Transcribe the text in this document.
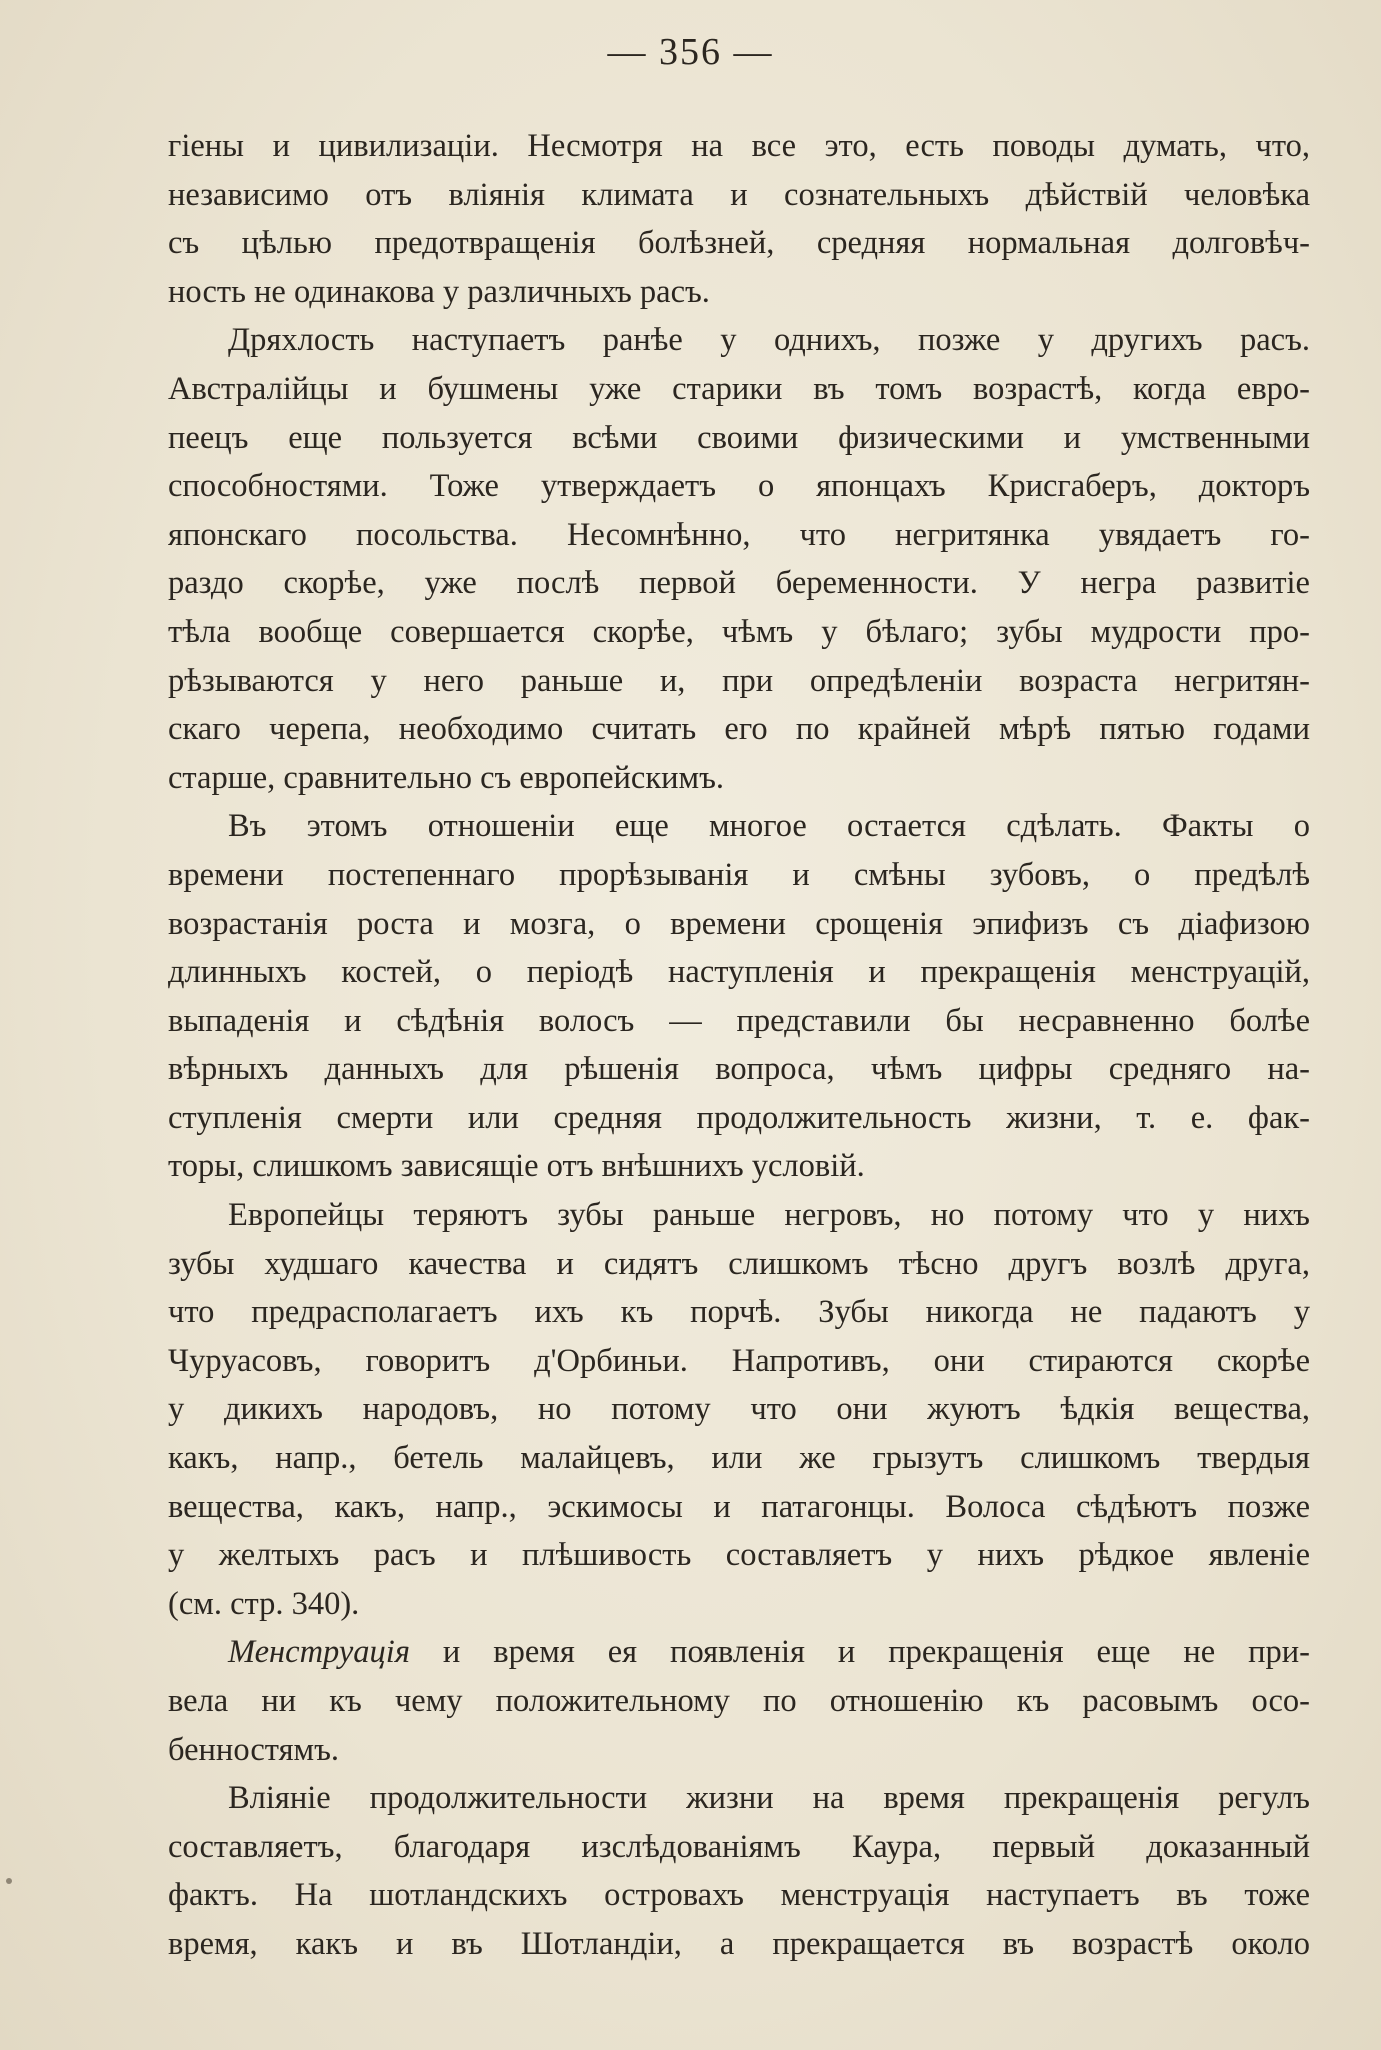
— 356 —
гіены и цивилизаціи. Несмотря на все это, есть поводы думать, что,
независимо отъ вліянія климата и сознательныхъ дѣйствій человѣка
съ цѣлью предотвращенія болѣзней, средняя нормальная долговѣч-
ность не одинакова у различныхъ расъ.
Дряхлость наступаетъ ранѣе у однихъ, позже у другихъ расъ.
Австралійцы и бушмены уже старики въ томъ возрастѣ, когда евро-
пеецъ еще пользуется всѣми своими физическими и умственными
способностями. Тоже утверждаетъ о японцахъ Крисгаберъ, докторъ
японскаго посольства. Несомнѣнно, что негритянка увядаетъ го-
раздо скорѣе, уже послѣ первой беременности. У негра развитіе
тѣла вообще совершается скорѣе, чѣмъ у бѣлаго; зубы мудрости про-
рѣзываются у него раньше и, при опредѣленіи возраста негритян-
скаго черепа, необходимо считать его по крайней мѣрѣ пятью годами
старше, сравнительно съ европейскимъ.
Въ этомъ отношеніи еще многое остается сдѣлать. Факты о
времени постепеннаго прорѣзыванія и смѣны зубовъ, о предѣлѣ
возрастанія роста и мозга, о времени срощенія эпифизъ съ діафизою
длинныхъ костей, о періодѣ наступленія и прекращенія менструацій,
выпаденія и сѣдѣнія волосъ — представили бы несравненно болѣе
вѣрныхъ данныхъ для рѣшенія вопроса, чѣмъ цифры средняго на-
ступленія смерти или средняя продолжительность жизни, т. е. фак-
торы, слишкомъ зависящіе отъ внѣшнихъ условій.
Европейцы теряютъ зубы раньше негровъ, но потому что у нихъ
зубы худшаго качества и сидятъ слишкомъ тѣсно другъ возлѣ друга,
что предрасполагаетъ ихъ къ порчѣ. Зубы никогда не падаютъ у
Чуруасовъ, говоритъ д'Орбиньи. Напротивъ, они стираются скорѣе
у дикихъ народовъ, но потому что они жуютъ ѣдкія вещества,
какъ, напр., бетель малайцевъ, или же грызутъ слишкомъ твердыя
вещества, какъ, напр., эскимосы и патагонцы. Волоса сѣдѣютъ позже
у желтыхъ расъ и плѣшивость составляетъ у нихъ рѣдкое явленіе
(см. стр. 340).
Менструація и время ея появленія и прекращенія еще не при-
вела ни къ чему положительному по отношенію къ расовымъ осо-
бенностямъ.
Вліяніе продолжительности жизни на время прекращенія регулъ
составляетъ, благодаря изслѣдованіямъ Каура, первый доказанный
фактъ. На шотландскихъ островахъ менструація наступаетъ въ тоже
время, какъ и въ Шотландіи, а прекращается въ возрастѣ около
